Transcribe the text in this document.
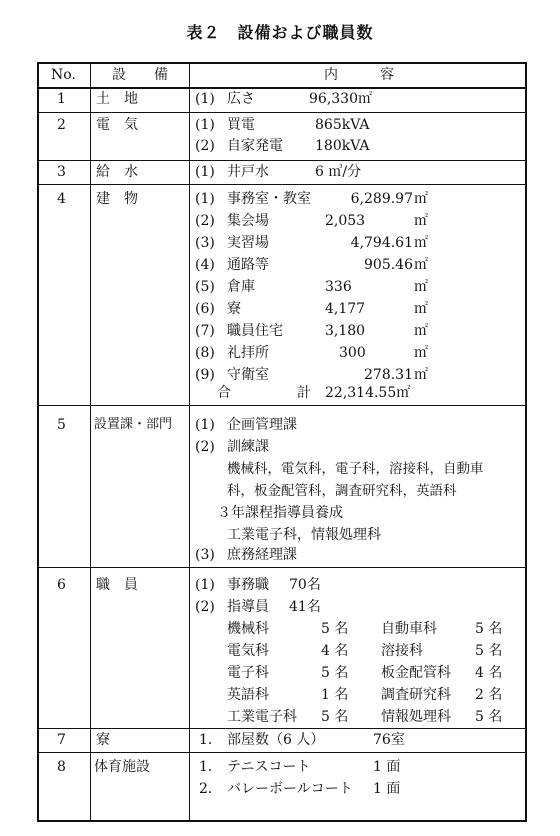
表２　設備および職員数
No.	設　　備	内　　　容
1 土　地	(1) 広さ	96,330㎡
2 電　気	(1) 買電	865kVA
(2) 自家発電 180kVA
3 給　水	(1) 井戸水	6 ㎥/分
4 建　物	(1) 事務室・教室	6,289.97 ㎡
(2) 集会場	2,053	㎡
(3) 実習場	4,794.61 ㎡
(4) 通路等	905.46 ㎡
(5) 倉庫	336	㎡
(6) 寮	4,177	㎡
(7) 職員住宅	3,180	㎡
(8) 礼拝所	300	㎡
(9) 守衛室	278.31 ㎡
合	計 22,314.55㎡
5 設置課・部門 (1) 企画管理課
(2) 訓練課
機械科，電気科，電子科，溶接科，自動車
科，板金配管科，調査研究科，英語科
３年課程指導員養成
工業電子科，情報処理科
(3) 庶務経理課
6 職　員	(1) 事務職 70名
(2) 指導員 41名
機械科	5 名 自動車科	5 名
電気科	4 名 溶接科	5 名
電子科	5 名 板金配管科 4 名
英語科	1 名 調査研究科 2 名
工業電子科 5 名 情報処理科 5 名
7 寮	1． 部屋数（6 人）	76室
8 体育施設	1． テニスコート	1 面
2． バレーボールコート 1 面
